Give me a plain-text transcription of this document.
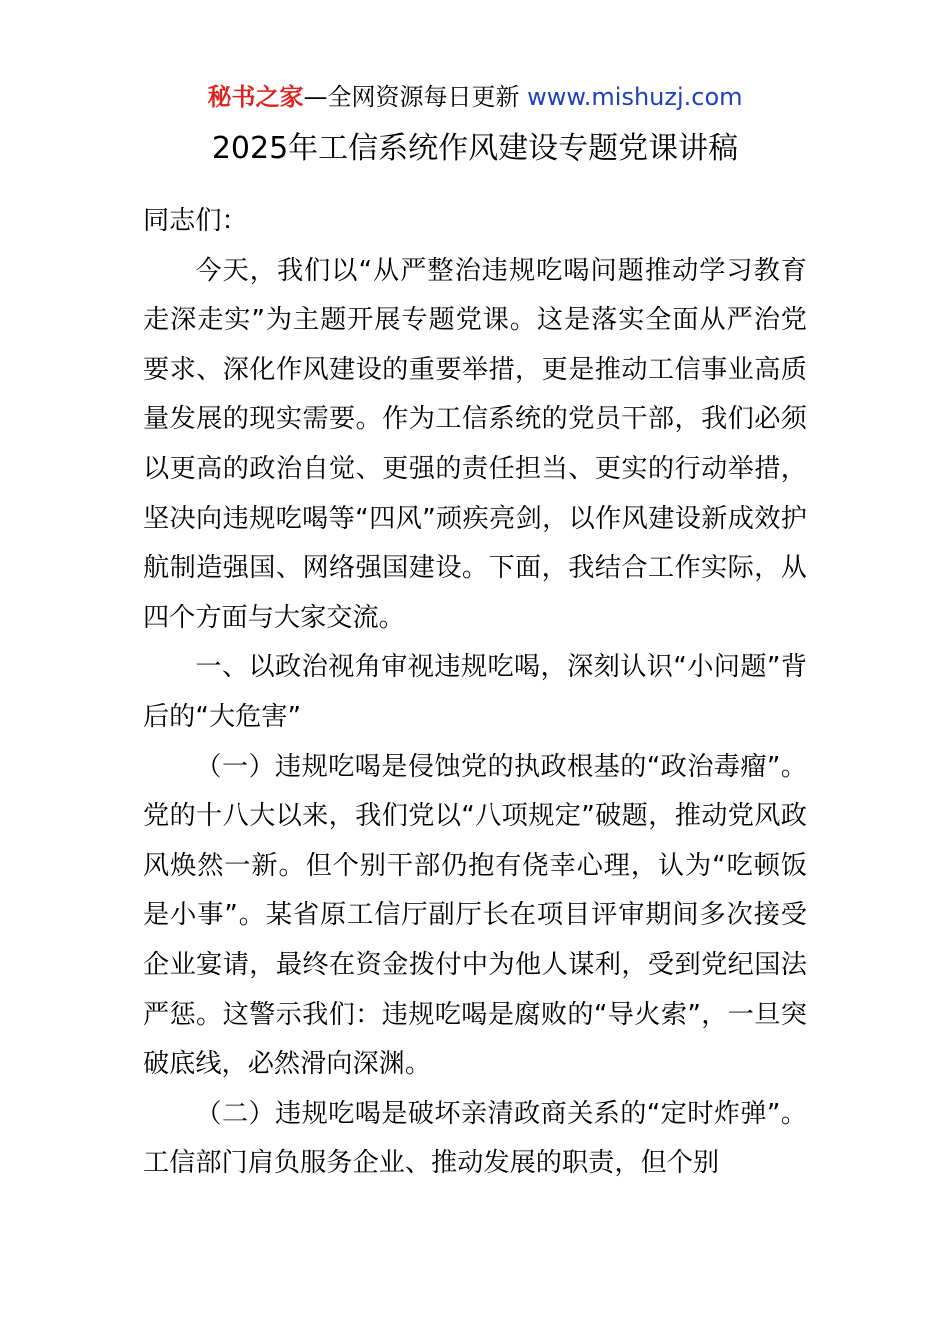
秘书之家—全网资源每日更新 www.mishuzj.com
2025年工信系统作风建设专题党课讲稿

同志们：

今天，我们以“从严整治违规吃喝问题推动学习教育走深走实”为主题开展专题党课。这是落实全面从严治党要求、深化作风建设的重要举措，更是推动工信事业高质量发展的现实需要。作为工信系统的党员干部，我们必须以更高的政治自觉、更强的责任担当、更实的行动举措，坚决向违规吃喝等“四风”顽疾亮剑，以作风建设新成效护航制造强国、网络强国建设。下面，我结合工作实际，从四个方面与大家交流。

一、以政治视角审视违规吃喝，深刻认识“小问题”背后的“大危害”

（一）违规吃喝是侵蚀党的执政根基的“政治毒瘤”。党的十八大以来，我们党以“八项规定”破题，推动党风政风焕然一新。但个别干部仍抱有侥幸心理，认为“吃顿饭是小事”。某省原工信厅副厅长在项目评审期间多次接受企业宴请，最终在资金拨付中为他人谋利，受到党纪国法严惩。这警示我们：违规吃喝是腐败的“导火索”，一旦突破底线，必然滑向深渊。

（二）违规吃喝是破坏亲清政商关系的“定时炸弹”。工信部门肩负服务企业、推动发展的职责，但个别
